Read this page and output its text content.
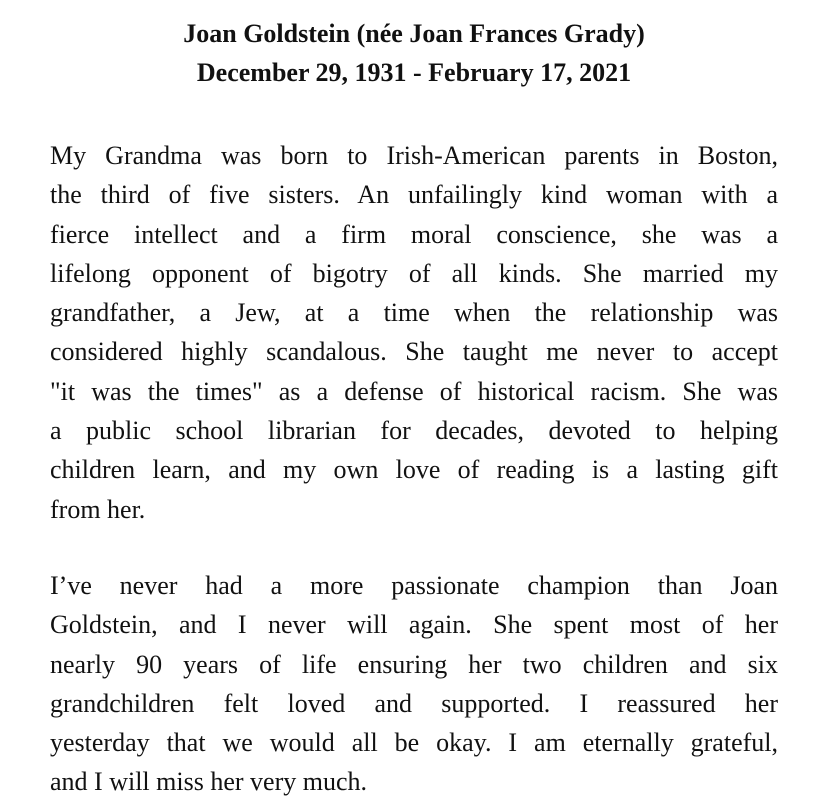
Joan Goldstein (née Joan Frances Grady)
December 29, 1931 - February 17, 2021
My Grandma was born to Irish-American parents in Boston,
the third of five sisters. An unfailingly kind woman with a
fierce intellect and a firm moral conscience, she was a
lifelong opponent of bigotry of all kinds. She married my
grandfather, a Jew, at a time when the relationship was
considered highly scandalous. She taught me never to accept
"it was the times" as a defense of historical racism. She was
a public school librarian for decades, devoted to helping
children learn, and my own love of reading is a lasting gift
from her.
I’ve never had a more passionate champion than Joan
Goldstein, and I never will again. She spent most of her
nearly 90 years of life ensuring her two children and six
grandchildren felt loved and supported. I reassured her
yesterday that we would all be okay. I am eternally grateful,
and I will miss her very much.
